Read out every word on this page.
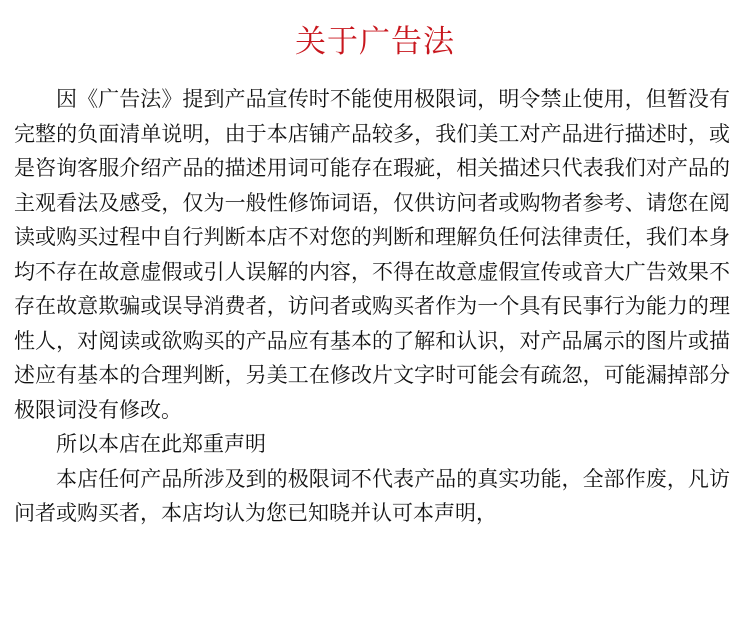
关于广告法

因《广告法》提到产品宣传时不能使用极限词，明令禁止使用，但暂没有完整的负面清单说明，由于本店铺产品较多，我们美工对产品进行描述时，或是咨询客服介绍产品的描述用词可能存在瑕疵，相关描述只代表我们对产品的主观看法及感受，仅为一般性修饰词语，仅供访问者或购物者参考、请您在阅读或购买过程中自行判断本店不对您的判断和理解负任何法律责任，我们本身均不存在故意虚假或引人误解的内容，不得在故意虚假宣传或音大广告效果不存在故意欺骗或误导消费者，访问者或购买者作为一个具有民事行为能力的理性人，对阅读或欲购买的产品应有基本的了解和认识，对产品属示的图片或描述应有基本的合理判断，另美工在修改片文字时可能会有疏忽，可能漏掉部分极限词没有修改。

所以本店在此郑重声明

本店任何产品所涉及到的极限词不代表产品的真实功能，全部作废，凡访问者或购买者，本店均认为您已知晓并认可本声明，
